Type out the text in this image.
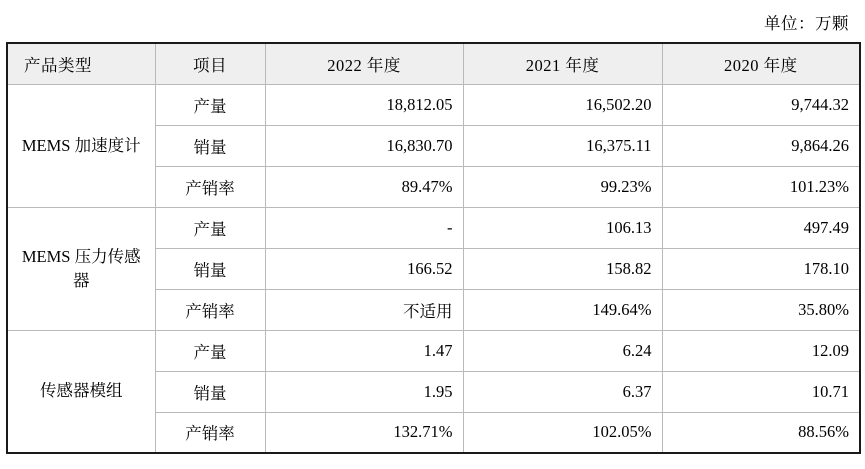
单位：万颗
产品类型	项目	2022 年度	2021 年度	2020 年度
MEMS 加速度计	产量	18,812.05	16,502.20	9,744.32
	销量	16,830.70	16,375.11	9,864.26
	产销率	89.47%	99.23%	101.23%
MEMS 压力传感器	产量	-	106.13	497.49
	销量	166.52	158.82	178.10
	产销率	不适用	149.64%	35.80%
传感器模组	产量	1.47	6.24	12.09
	销量	1.95	6.37	10.71
	产销率	132.71%	102.05%	88.56%
